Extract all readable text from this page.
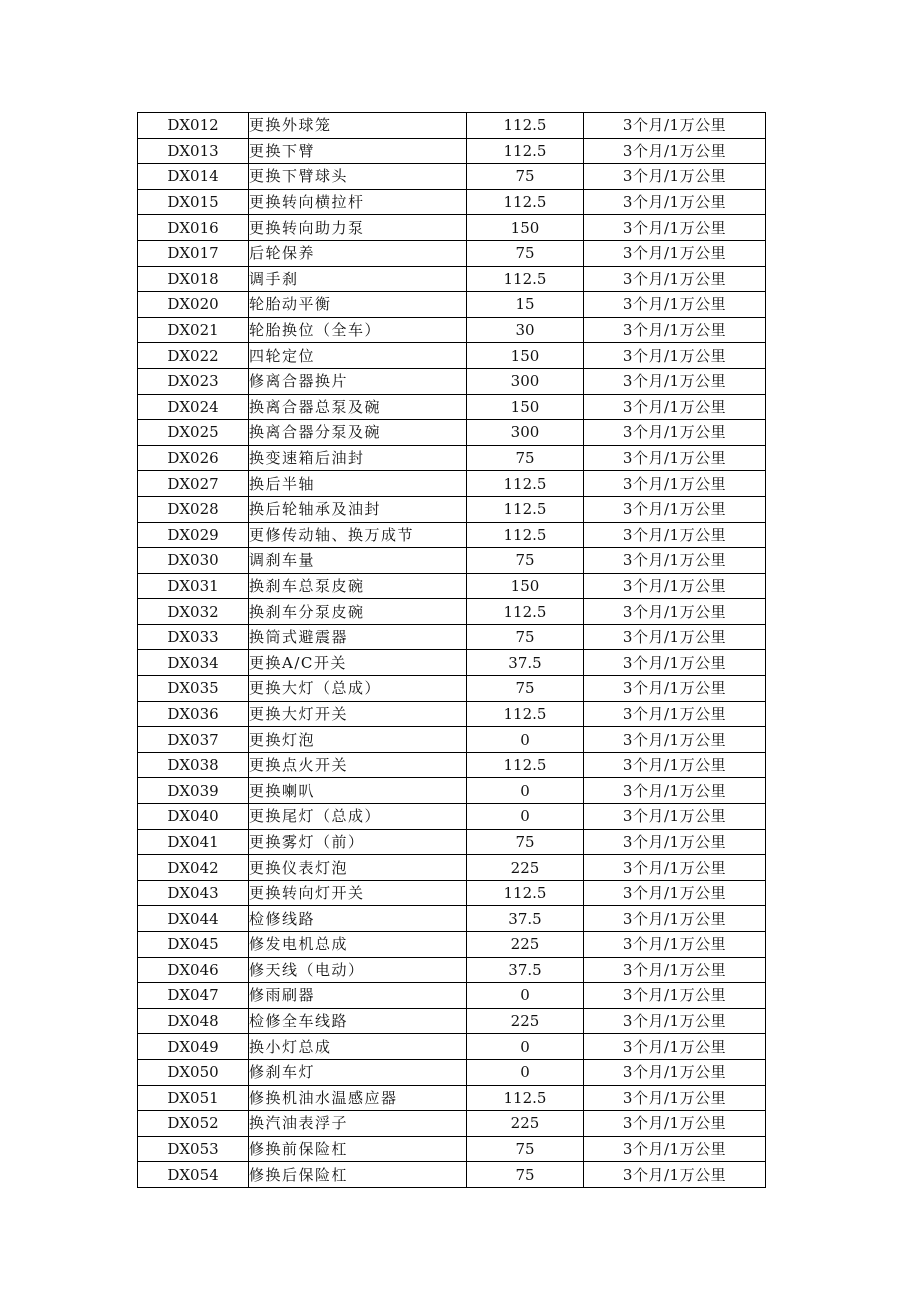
DX012	更换外球笼	112.5	3个月/1万公里
DX013	更换下臂	112.5	3个月/1万公里
DX014	更换下臂球头	75	3个月/1万公里
DX015	更换转向横拉杆	112.5	3个月/1万公里
DX016	更换转向助力泵	150	3个月/1万公里
DX017	后轮保养	75	3个月/1万公里
DX018	调手刹	112.5	3个月/1万公里
DX020	轮胎动平衡	15	3个月/1万公里
DX021	轮胎换位（全车）	30	3个月/1万公里
DX022	四轮定位	150	3个月/1万公里
DX023	修离合器换片	300	3个月/1万公里
DX024	换离合器总泵及碗	150	3个月/1万公里
DX025	换离合器分泵及碗	300	3个月/1万公里
DX026	换变速箱后油封	75	3个月/1万公里
DX027	换后半轴	112.5	3个月/1万公里
DX028	换后轮轴承及油封	112.5	3个月/1万公里
DX029	更修传动轴、换万成节	112.5	3个月/1万公里
DX030	调刹车量	75	3个月/1万公里
DX031	换刹车总泵皮碗	150	3个月/1万公里
DX032	换刹车分泵皮碗	112.5	3个月/1万公里
DX033	换筒式避震器	75	3个月/1万公里
DX034	更换A/C开关	37.5	3个月/1万公里
DX035	更换大灯（总成）	75	3个月/1万公里
DX036	更换大灯开关	112.5	3个月/1万公里
DX037	更换灯泡	0	3个月/1万公里
DX038	更换点火开关	112.5	3个月/1万公里
DX039	更换喇叭	0	3个月/1万公里
DX040	更换尾灯（总成）	0	3个月/1万公里
DX041	更换雾灯（前）	75	3个月/1万公里
DX042	更换仪表灯泡	225	3个月/1万公里
DX043	更换转向灯开关	112.5	3个月/1万公里
DX044	检修线路	37.5	3个月/1万公里
DX045	修发电机总成	225	3个月/1万公里
DX046	修天线（电动）	37.5	3个月/1万公里
DX047	修雨刷器	0	3个月/1万公里
DX048	检修全车线路	225	3个月/1万公里
DX049	换小灯总成	0	3个月/1万公里
DX050	修刹车灯	0	3个月/1万公里
DX051	修换机油水温感应器	112.5	3个月/1万公里
DX052	换汽油表浮子	225	3个月/1万公里
DX053	修换前保险杠	75	3个月/1万公里
DX054	修换后保险杠	75	3个月/1万公里
